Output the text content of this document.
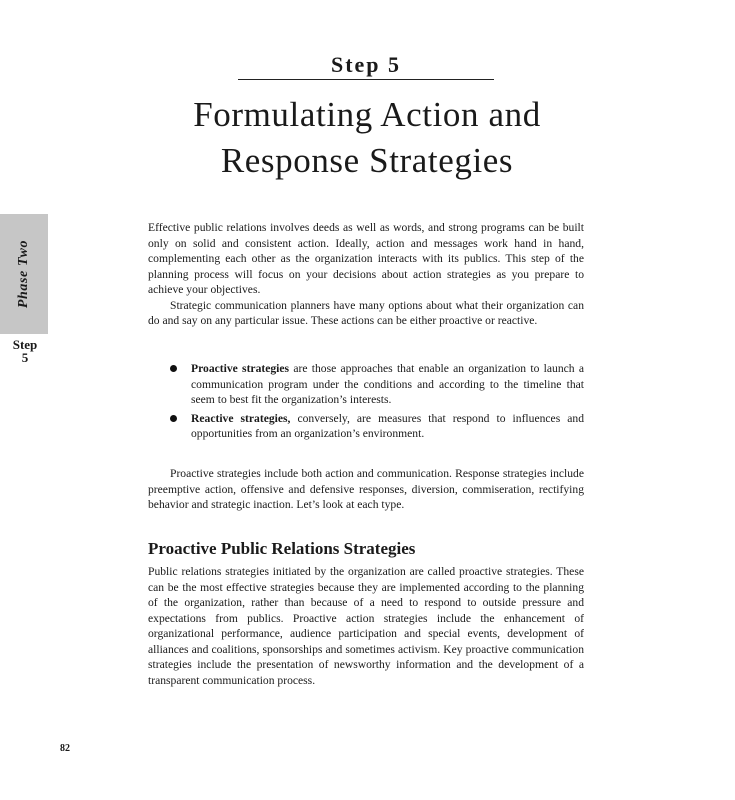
Step 5
Formulating Action and
Response Strategies
Phase Two
Step
5

Effective public relations involves deeds as well as words, and strong programs can be built only on solid and consistent action. Ideally, action and messages work hand in hand, complementing each other as the organization interacts with its publics. This step of the planning process will focus on your decisions about action strategies as you prepare to achieve your objectives.

Strategic communication planners have many options about what their organization can do and say on any particular issue. These actions can be either proactive or reactive.

Proactive strategies are those approaches that enable an organization to launch a communication program under the conditions and according to the timeline that seem to best fit the organization’s interests.
Reactive strategies, conversely, are measures that respond to influences and opportunities from an organization’s environment.

Proactive strategies include both action and communication. Response strategies include preemptive action, offensive and defensive responses, diversion, commiseration, rectifying behavior and strategic inaction. Let’s look at each type.

Proactive Public Relations Strategies

Public relations strategies initiated by the organization are called proactive strategies. These can be the most effective strategies because they are implemented according to the planning of the organization, rather than because of a need to respond to outside pressure and expectations from publics. Proactive action strategies include the enhancement of organizational performance, audience participation and special events, development of alliances and coalitions, sponsorships and sometimes activism. Key proactive communication strategies include the presentation of newsworthy information and the development of a transparent communication process.

82
